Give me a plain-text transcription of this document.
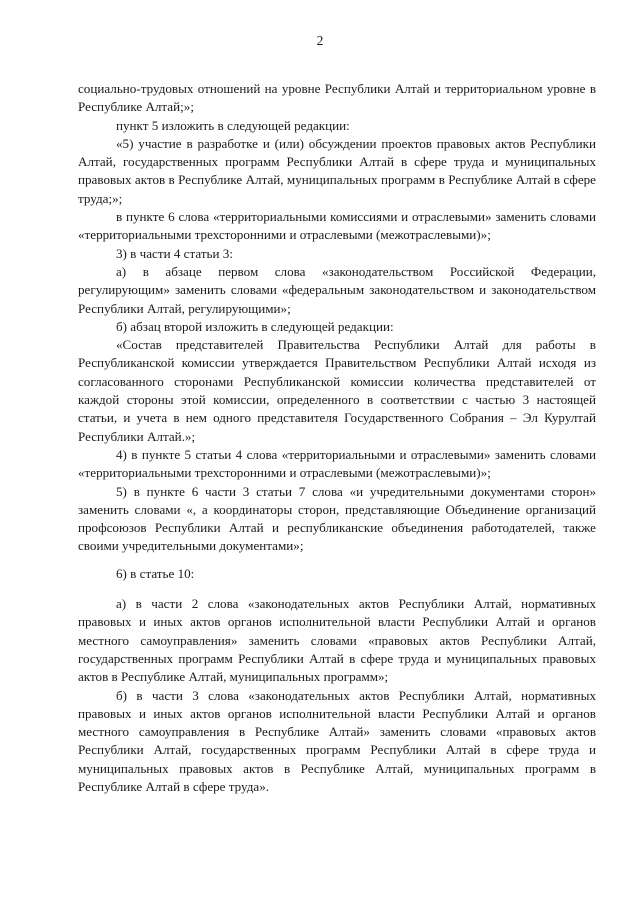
2

социально-трудовых отношений на уровне Республики Алтай и территориальном уровне в Республике Алтай;»;

пункт 5 изложить в следующей редакции:

«5) участие в разработке и (или) обсуждении проектов правовых актов Республики Алтай, государственных программ Республики Алтай в сфере труда и муниципальных правовых актов в Республике Алтай, муниципальных программ в Республике Алтай в сфере труда;»;

в пункте 6 слова «территориальными комиссиями и отраслевыми» заменить словами «территориальными трехсторонними и отраслевыми (межотраслевыми)»;

3) в части 4 статьи 3:

а) в абзаце первом слова «законодательством Российской Федерации, регулирующим» заменить словами «федеральным законодательством и законодательством Республики Алтай, регулирующими»;

б) абзац второй изложить в следующей редакции:

«Состав представителей Правительства Республики Алтай для работы в Республиканской комиссии утверждается Правительством Республики Алтай исходя из согласованного сторонами Республиканской комиссии количества представителей от каждой стороны этой комиссии, определенного в соответствии с частью 3 настоящей статьи, и учета в нем одного представителя Государственного Собрания – Эл Курултай Республики Алтай.»;

4) в пункте 5 статьи 4 слова «территориальными и отраслевыми» заменить словами «территориальными трехсторонними и отраслевыми (межотраслевыми)»;

5) в пункте 6 части 3 статьи 7 слова «и учредительными документами сторон» заменить словами «, а координаторы сторон, представляющие Объединение организаций профсоюзов Республики Алтай и республиканские объединения работодателей, также своими учредительными документами»;

6) в статье 10:

а) в части 2 слова «законодательных актов Республики Алтай, нормативных правовых и иных актов органов исполнительной власти Республики Алтай и органов местного самоуправления» заменить словами «правовых актов Республики Алтай, государственных программ Республики Алтай в сфере труда и муниципальных правовых актов в Республике Алтай, муниципальных программ»;

б) в части 3 слова «законодательных актов Республики Алтай, нормативных правовых и иных актов органов исполнительной власти Республики Алтай и органов местного самоуправления в Республике Алтай» заменить словами «правовых актов Республики Алтай, государственных программ Республики Алтай в сфере труда и муниципальных правовых актов в Республике Алтай, муниципальных программ в Республике Алтай в сфере труда».
